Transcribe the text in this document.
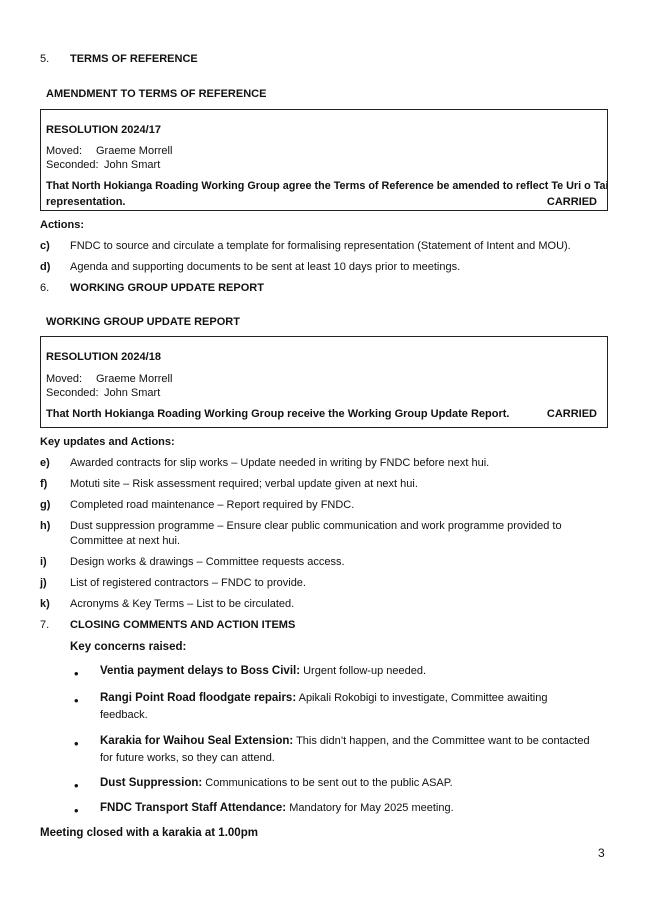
5. TERMS OF REFERENCE
AMENDMENT TO TERMS OF REFERENCE
RESOLUTION 2024/17
Moved: Graeme Morrell
Seconded: John Smart
That North Hokianga Roading Working Group agree the Terms of Reference be amended to reflect Te Uri o Tai
representation.	CARRIED
Actions:
c) FNDC to source and circulate a template for formalising representation (Statement of Intent and MOU).
d) Agenda and supporting documents to be sent at least 10 days prior to meetings.
6. WORKING GROUP UPDATE REPORT
WORKING GROUP UPDATE REPORT
RESOLUTION 2024/18
Moved: Graeme Morrell
Seconded: John Smart
That North Hokianga Roading Working Group receive the Working Group Update Report.	CARRIED
Key updates and Actions:
e) Awarded contracts for slip works – Update needed in writing by FNDC before next hui.
f) Motuti site – Risk assessment required; verbal update given at next hui.
g) Completed road maintenance – Report required by FNDC.
h) Dust suppression programme – Ensure clear public communication and work programme provided to
Committee at next hui.
i) Design works & drawings – Committee requests access.
j) List of registered contractors – FNDC to provide.
k) Acronyms & Key Terms – List to be circulated.
7. CLOSING COMMENTS AND ACTION ITEMS
Key concerns raised:
• Ventia payment delays to Boss Civil: Urgent follow-up needed.
• Rangi Point Road floodgate repairs: Apikali Rokobigi to investigate, Committee awaiting
feedback.
• Karakia for Waihou Seal Extension: This didn’t happen, and the Committee want to be contacted
for future works, so they can attend.
• Dust Suppression: Communications to be sent out to the public ASAP.
• FNDC Transport Staff Attendance: Mandatory for May 2025 meeting.
Meeting closed with a karakia at 1.00pm
3
